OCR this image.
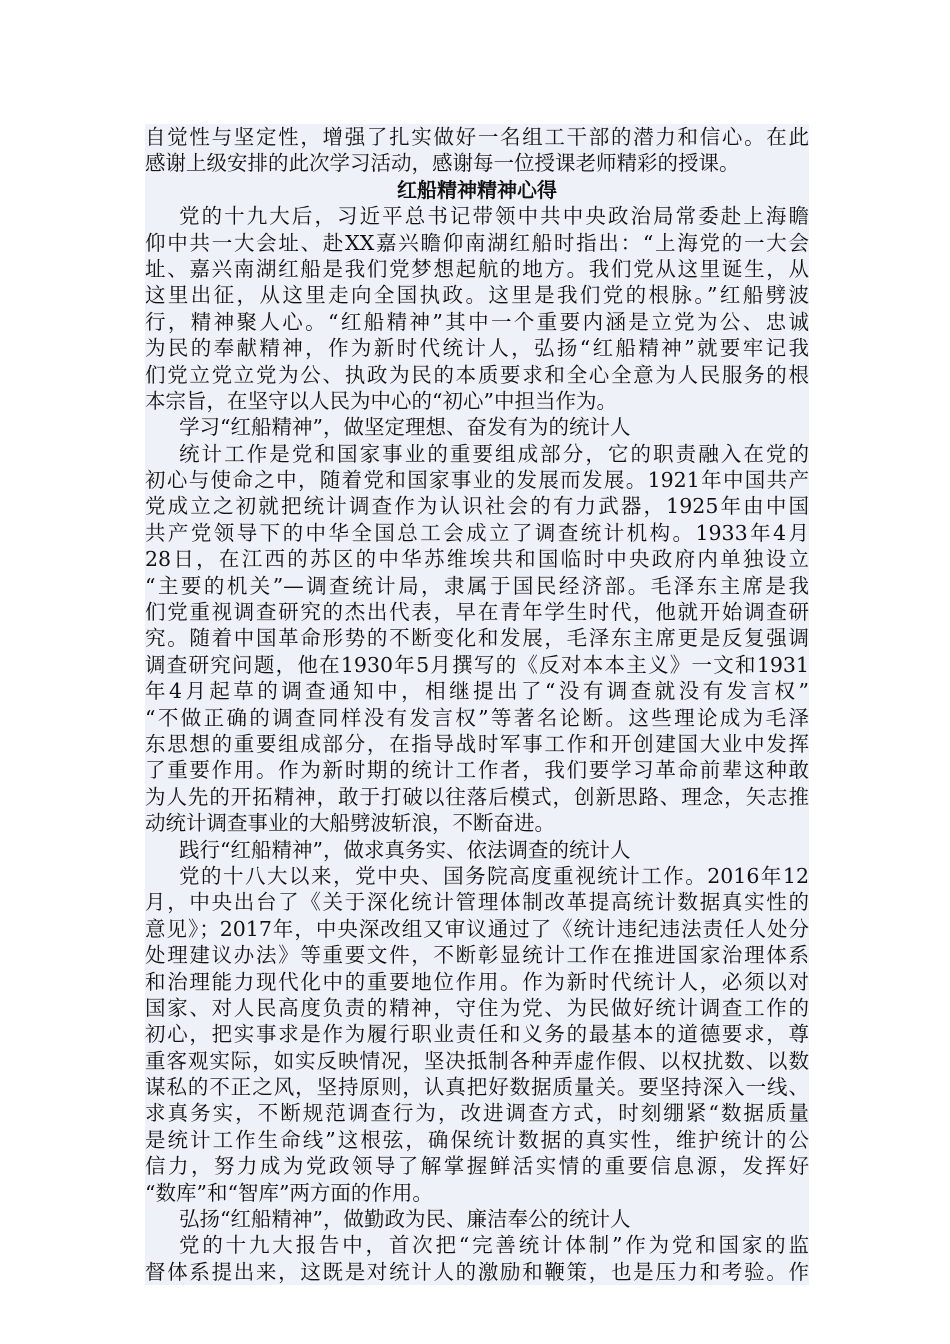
自觉性与坚定性，增强了扎实做好一名组工干部的潜力和信心。在此
感谢上级安排的此次学习活动，感谢每一位授课老师精彩的授课。
红船精神精神心得
党的十九大后，习近平总书记带领中共中央政治局常委赴上海瞻
仰中共一大会址、赴XX嘉兴瞻仰南湖红船时指出：“上海党的一大会
址、嘉兴南湖红船是我们党梦想起航的地方。我们党从这里诞生，从
这里出征，从这里走向全国执政。这里是我们党的根脉。”红船劈波
行，精神聚人心。“红船精神”其中一个重要内涵是立党为公、忠诚
为民的奉献精神，作为新时代统计人，弘扬“红船精神”就要牢记我
们党立党立党为公、执政为民的本质要求和全心全意为人民服务的根
本宗旨，在坚守以人民为中心的“初心”中担当作为。
学习“红船精神”，做坚定理想、奋发有为的统计人
统计工作是党和国家事业的重要组成部分，它的职责融入在党的
初心与使命之中，随着党和国家事业的发展而发展。1921年中国共产
党成立之初就把统计调查作为认识社会的有力武器，1925年由中国
共产党领导下的中华全国总工会成立了调查统计机构。1933年4月
28日，在江西的苏区的中华苏维埃共和国临时中央政府内单独设立
“主要的机关”—调查统计局，隶属于国民经济部。毛泽东主席是我
们党重视调查研究的杰出代表，早在青年学生时代，他就开始调查研
究。随着中国革命形势的不断变化和发展，毛泽东主席更是反复强调
调查研究问题，他在1930年5月撰写的《反对本本主义》一文和1931
年4月起草的调查通知中，相继提出了“没有调查就没有发言权”
“不做正确的调查同样没有发言权”等著名论断。这些理论成为毛泽
东思想的重要组成部分，在指导战时军事工作和开创建国大业中发挥
了重要作用。作为新时期的统计工作者，我们要学习革命前辈这种敢
为人先的开拓精神，敢于打破以往落后模式，创新思路、理念，矢志推
动统计调查事业的大船劈波斩浪，不断奋进。
践行“红船精神”，做求真务实、依法调查的统计人
党的十八大以来，党中央、国务院高度重视统计工作。2016年12
月，中央出台了《关于深化统计管理体制改革提高统计数据真实性的
意见》；2017年，中央深改组又审议通过了《统计违纪违法责任人处分
处理建议办法》等重要文件，不断彰显统计工作在推进国家治理体系
和治理能力现代化中的重要地位作用。作为新时代统计人，必须以对
国家、对人民高度负责的精神，守住为党、为民做好统计调查工作的
初心，把实事求是作为履行职业责任和义务的最基本的道德要求，尊
重客观实际，如实反映情况，坚决抵制各种弄虚作假、以权扰数、以数
谋私的不正之风，坚持原则，认真把好数据质量关。要坚持深入一线、
求真务实，不断规范调查行为，改进调查方式，时刻绷紧“数据质量
是统计工作生命线”这根弦，确保统计数据的真实性，维护统计的公
信力，努力成为党政领导了解掌握鲜活实情的重要信息源，发挥好
“数库”和“智库”两方面的作用。
弘扬“红船精神”，做勤政为民、廉洁奉公的统计人
党的十九大报告中，首次把“完善统计体制”作为党和国家的监
督体系提出来，这既是对统计人的激励和鞭策，也是压力和考验。作
